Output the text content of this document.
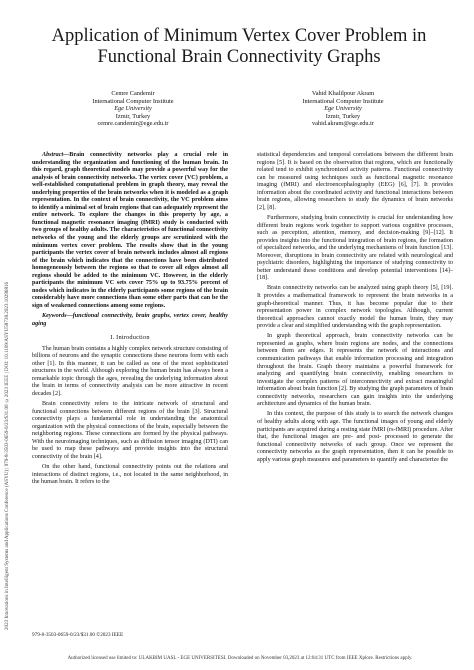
2023 Innovations in Intelligent Systems and Applications Conference (ASYU) | 979-8-3503-0659-0/23/$31.00 ©2023 IEEE | DOI: 10.1109/ASYU58738.2023.10296816
Application of Minimum Vertex Cover Problem in
Functional Brain Connectivity Graphs
Cemre Candemir
International Computer Institute
Ege University
Izmir, Turkey
cemre.candemir@ege.edu.tr
Vahid Khalilpour Akram
International Computer Institute
Ege University
Izmir, Turkey
vahid.akram@ege.edu.tr

Abstract—Brain connectivity networks play a crucial role in understanding the organization and functioning of the human brain. In this regard, graph theoretical models may provide a powerful way for the analysis of brain connectivity networks. The vertex cover (VC) problem, a well-established computational problem in graph theory, may reveal the underlying properties of the brain networks when it is modeled as a graph representation. In the context of brain connectivity, the VC problem aims to identify a minimal set of brain regions that can adequately represent the entire network. To explore the changes in this property by age, a functional magnetic resonance imaging (fMRI) study is conducted with two groups of healthy adults. The characteristics of functional connectivity networks of the young and the elderly groups are scrutinized with the minimum vertex cover problem. The results show that in the young participants the vertex cover of brain network includes almost all regions of the brain which indicates that the connections have been distributed homogeneously between the regions so that to cover all edges almost all regions should be added to the minimum VC. However, in the elderly participants the minimum VC sets cover 75% up to 93.75% percent of nodes which indicates in the elderly participants some regions of the brain considerably have more connections than some other parts that can be the sign of weakened connections among some regions.

Keywords—functional connectivity, brain graphs, vertex cover, healthy aging

I. Introduction

The human brain contains a highly complex network structure consisting of billions of neurons and the synaptic connections these neurons form with each other [1]. In this manner, it can be called as one of the most sophisticated structures in the world. Although exploring the human brain has always been a remarkable topic through the ages, revealing the underlying information about the brain in terms of connectivity analysis can be more attractive in recent decades [2].

Brain connectivity refers to the intricate network of structural and functional connections between different regions of the brain [3]. Structural connectivity plays a fundamental role in understanding the anatomical organization with the physical connections of the brain, especially between the neighboring regions. These connections are formed by the physical pathways. With the neuroimaging techniques, such as diffusion tensor imaging (DTI) can be used to map these pathways and provide insights into the structural connectivity of the brain [4].

On the other hand, functional connectivity points out the relations and interactions of distinct regions, i.e., not located in the same neighborhood, in the human brain. It refers to the

statistical dependencies and temporal correlations between the different brain regions [5]. It is based on the observation that regions, which are functionally related tend to exhibit synchronized activity patterns. Functional connectivity can be measured using techniques such as functional magnetic resonance imaging (fMRI) and electroencephalography (EEG) [6], [7]. It provides information about the coordinated activity and functional interactions between brain regions, allowing researchers to study the dynamics of brain networks [2], [8].

Furthermore, studying brain connectivity is crucial for understanding how different brain regions work together to support various cognitive processes, such as perception, attention, memory, and decision-making [9]–[12]. It provides insights into the functional integration of brain regions, the formation of specialized networks, and the underlying mechanisms of brain function [13]. Moreover, disruptions in brain connectivity are related with neurological and psychiatric disorders, highlighting the importance of studying connectivity to better understand these conditions and develop potential interventions [14]–[18].

Brain connectivity networks can be analyzed using graph theory [5], [19]. It provides a mathematical framework to represent the brain networks in a graph-theoretical manner. Thus, it has become popular due to their representation power in complex network topologies. Although, current theoretical approaches cannot exactly model the human brain, they may provide a clear and simplified understanding with the graph representation.

In graph theoretical approach, brain connectivity networks can be represented as graphs, where brain regions are nodes, and the connections between them are edges. It represents the network of interactions and communication pathways that enable information processing and integration throughout the brain. Graph theory maintains a powerful framework for analyzing and quantifying brain connectivity, enabling researchers to investigate the complex patterns of interconnectivity and extract meaningful information about brain function [2]. By studying the graph parameters of brain connectivity networks, researchers can gain insights into the underlying architecture and dynamics of the human brain.

In this context, the purpose of this study is to search the network changes of healthy adults along with age. The functional images of young and elderly participants are acquired during a resting state fMRI (rs-fMRI) procedure. After that, the functional images are pre- and post- processed to generate the functional connectivity networks of each group. Once we represent the connectivity networks as the graph representation, then it can be possible to apply various graph measures and parameters to quantify and characterize the

979-8-3503-0659-0/23/$31.00 ©2023 IEEE
Authorized licensed use limited to: ULAKBIM UASL - EGE UNIVERSITESI. Downloaded on November 03,2023 at 12:04:31 UTC from IEEE Xplore. Restrictions apply.
